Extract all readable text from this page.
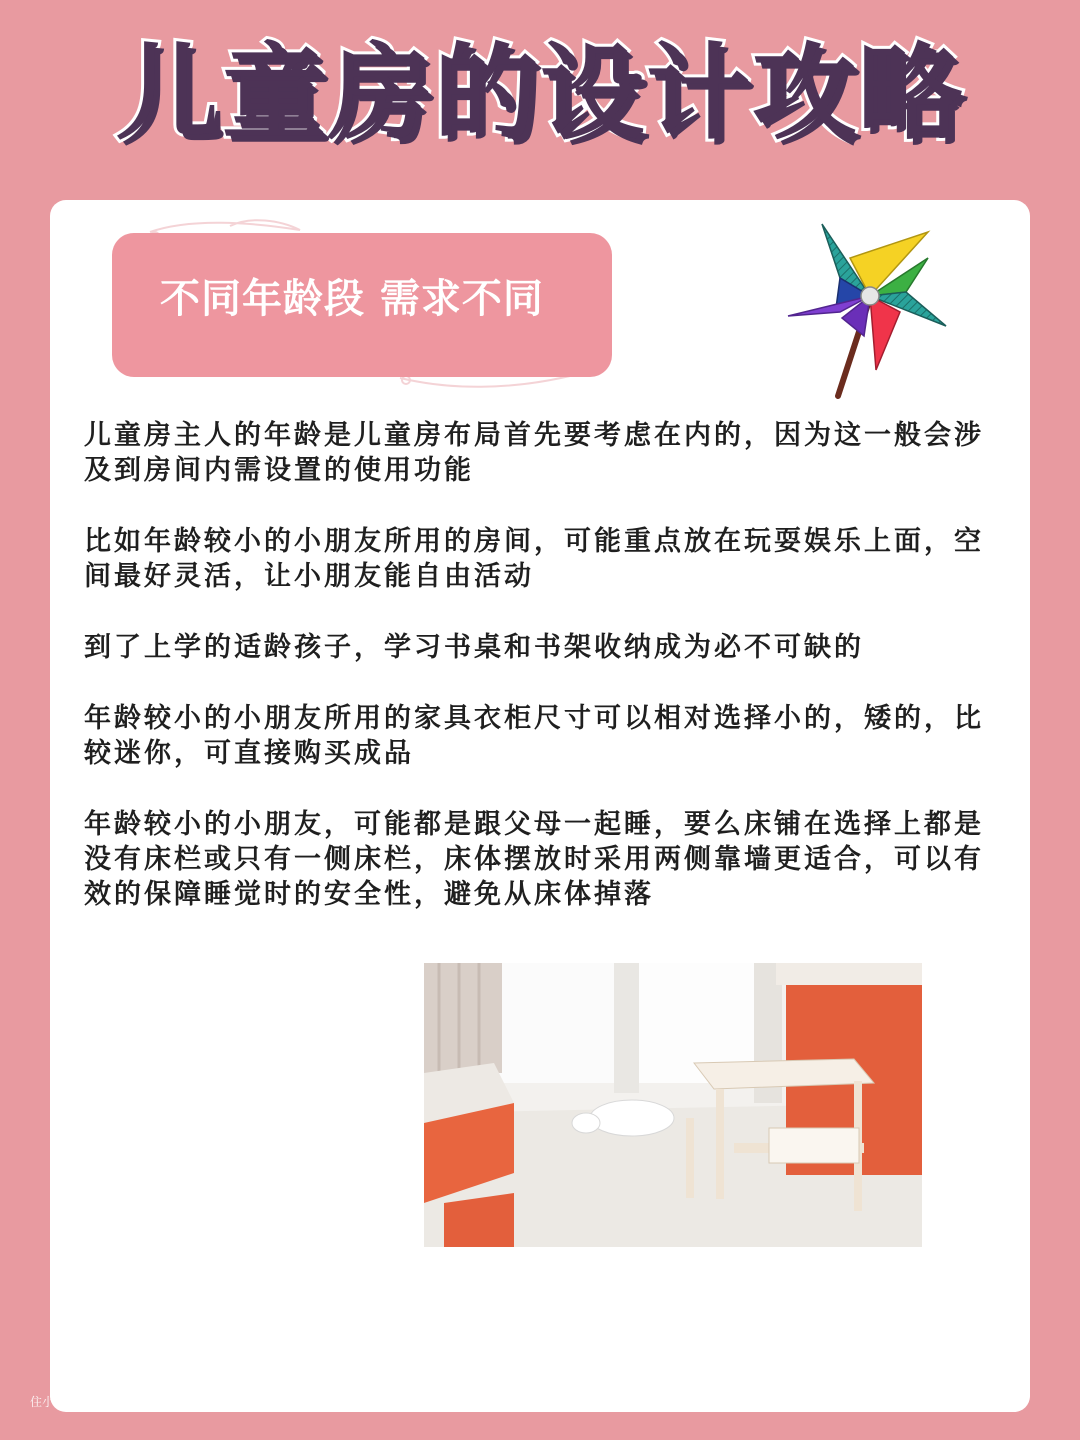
儿童房的设计攻略
不同年龄段 需求不同

儿童房主人的年龄是儿童房布局首先要考虑在内的，因为这一般会涉及到房间内需设置的使用功能

比如年龄较小的小朋友所用的房间，可能重点放在玩耍娱乐上面，空间最好灵活，让小朋友能自由活动

到了上学的适龄孩子，学习书桌和书架收纳成为必不可缺的

年龄较小的小朋友所用的家具衣柜尺寸可以相对选择小的，矮的，比较迷你，可直接购买成品

年龄较小的小朋友，可能都是跟父母一起睡，要么床铺在选择上都是没有床栏或只有一侧床栏，床体摆放时采用两侧靠墙更适合，可以有效的保障睡觉时的安全性，避免从床体掉落

住小帮@富邦装饰（老房改造）
